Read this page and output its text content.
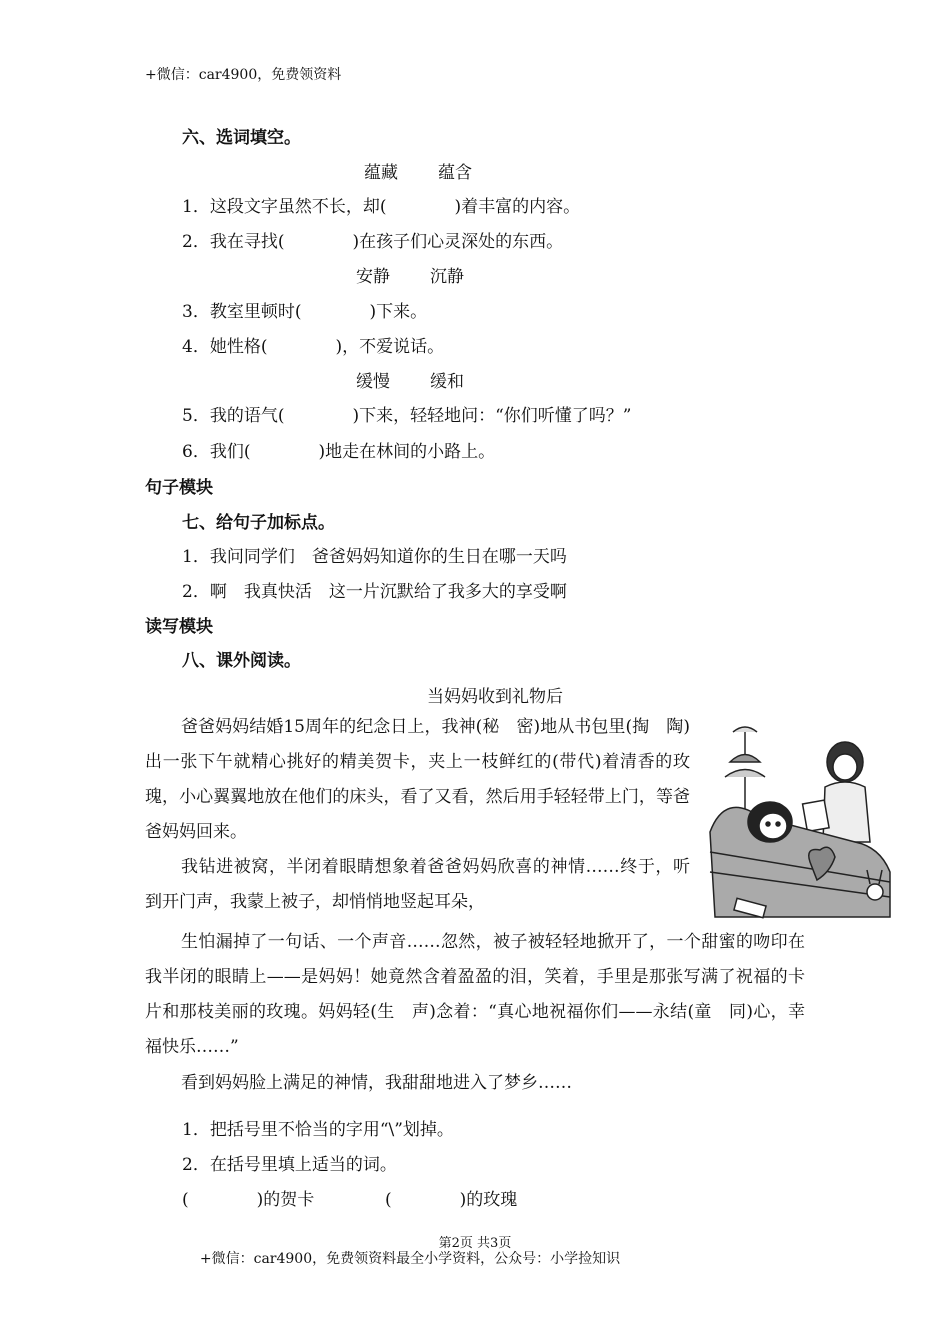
+微信：car4900，免费领资料
六、选词填空。
蕴藏 蕴含
1．这段文字虽然不长，却(　　　　)着丰富的内容。
2．我在寻找(　　　　)在孩子们心灵深处的东西。
安静 沉静
3．教室里顿时(　　　　)下来。
4．她性格(　　　　)，不爱说话。
缓慢 缓和
5．我的语气(　　　　)下来，轻轻地问：“你们听懂了吗？”
6．我们(　　　　)地走在林间的小路上。
句子模块
七、给句子加标点。
1．我问同学们　爸爸妈妈知道你的生日在哪一天吗
2．啊　我真快活　这一片沉默给了我多大的享受啊
读写模块
八、课外阅读。
当妈妈收到礼物后
爸爸妈妈结婚15周年的纪念日上，我神(秘　密)地从书包里(掏　陶)出一张下午就精心挑好的精美贺卡，夹上一枝鲜红的(带代)着清香的玫瑰，小心翼翼地放在他们的床头，看了又看，然后用手轻轻带上门，等爸爸妈妈回来。
我钻进被窝，半闭着眼睛想象着爸爸妈妈欣喜的神情……终于，听到开门声，我蒙上被子，却悄悄地竖起耳朵，
生怕漏掉了一句话、一个声音……忽然，被子被轻轻地掀开了，一个甜蜜的吻印在我半闭的眼睛上——是妈妈！她竟然含着盈盈的泪，笑着，手里是那张写满了祝福的卡片和那枝美丽的玫瑰。妈妈轻(生　声)念着：“真心地祝福你们——永结(童　同)心，幸福快乐……”
看到妈妈脸上满足的神情，我甜甜地进入了梦乡……
1．把括号里不恰当的字用“\”划掉。
2．在括号里填上适当的词。
(　　　　)的贺卡	(　　　　)的玫瑰
第2页 共3页
+微信：car4900，免费领资料最全小学资料，公众号：小学捡知识
